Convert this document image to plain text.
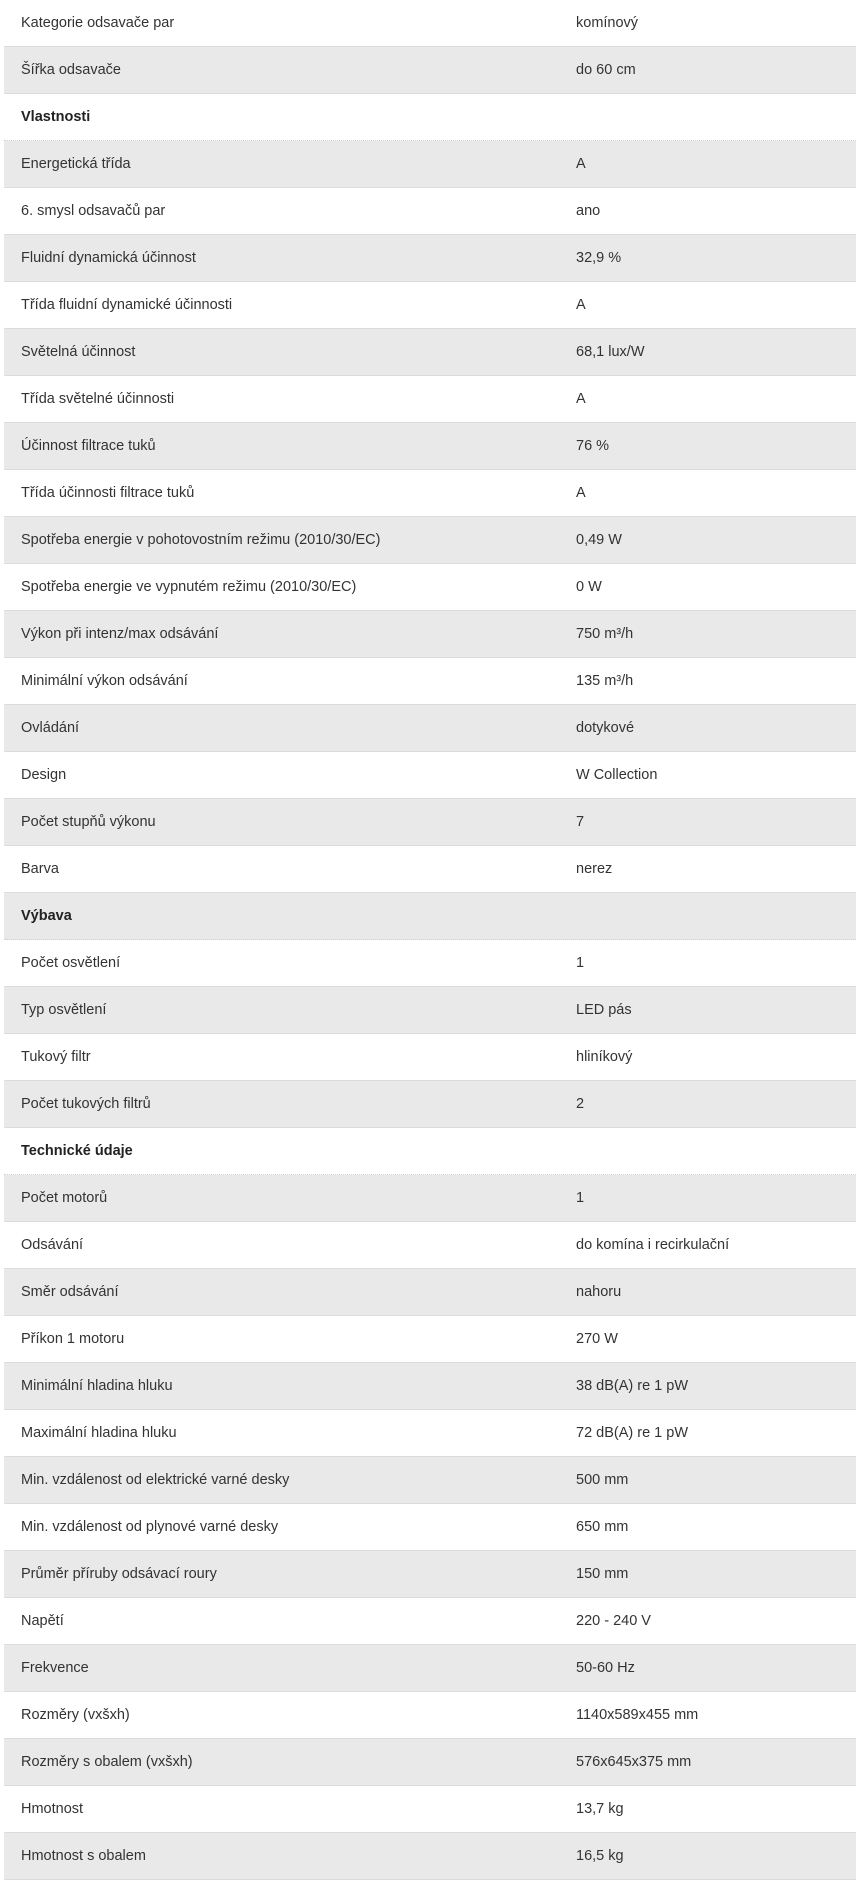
Kategorie odsavače par	komínový
Šířka odsavače	do 60 cm
Vlastnosti
Energetická třída	A
6. smysl odsavačů par	ano
Fluidní dynamická účinnost	32,9 %
Třída fluidní dynamické účinnosti	A
Světelná účinnost	68,1 lux/W
Třída světelné účinnosti	A
Účinnost filtrace tuků	76 %
Třída účinnosti filtrace tuků	A
Spotřeba energie v pohotovostním režimu (2010/30/EC)	0,49 W
Spotřeba energie ve vypnutém režimu (2010/30/EC)	0 W
Výkon při intenz/max odsávání	750 m³/h
Minimální výkon odsávání	135 m³/h
Ovládání	dotykové
Design	W Collection
Počet stupňů výkonu	7
Barva	nerez
Výbava
Počet osvětlení	1
Typ osvětlení	LED pás
Tukový filtr	hliníkový
Počet tukových filtrů	2
Technické údaje
Počet motorů	1
Odsávání	do komína i recirkulační
Směr odsávání	nahoru
Příkon 1 motoru	270 W
Minimální hladina hluku	38 dB(A) re 1 pW
Maximální hladina hluku	72 dB(A) re 1 pW
Min. vzdálenost od elektrické varné desky	500 mm
Min. vzdálenost od plynové varné desky	650 mm
Průměr příruby odsávací roury	150 mm
Napětí	220 - 240 V
Frekvence	50-60 Hz
Rozměry (vxšxh)	1140x589x455 mm
Rozměry s obalem (vxšxh)	576x645x375 mm
Hmotnost	13,7 kg
Hmotnost s obalem	16,5 kg
